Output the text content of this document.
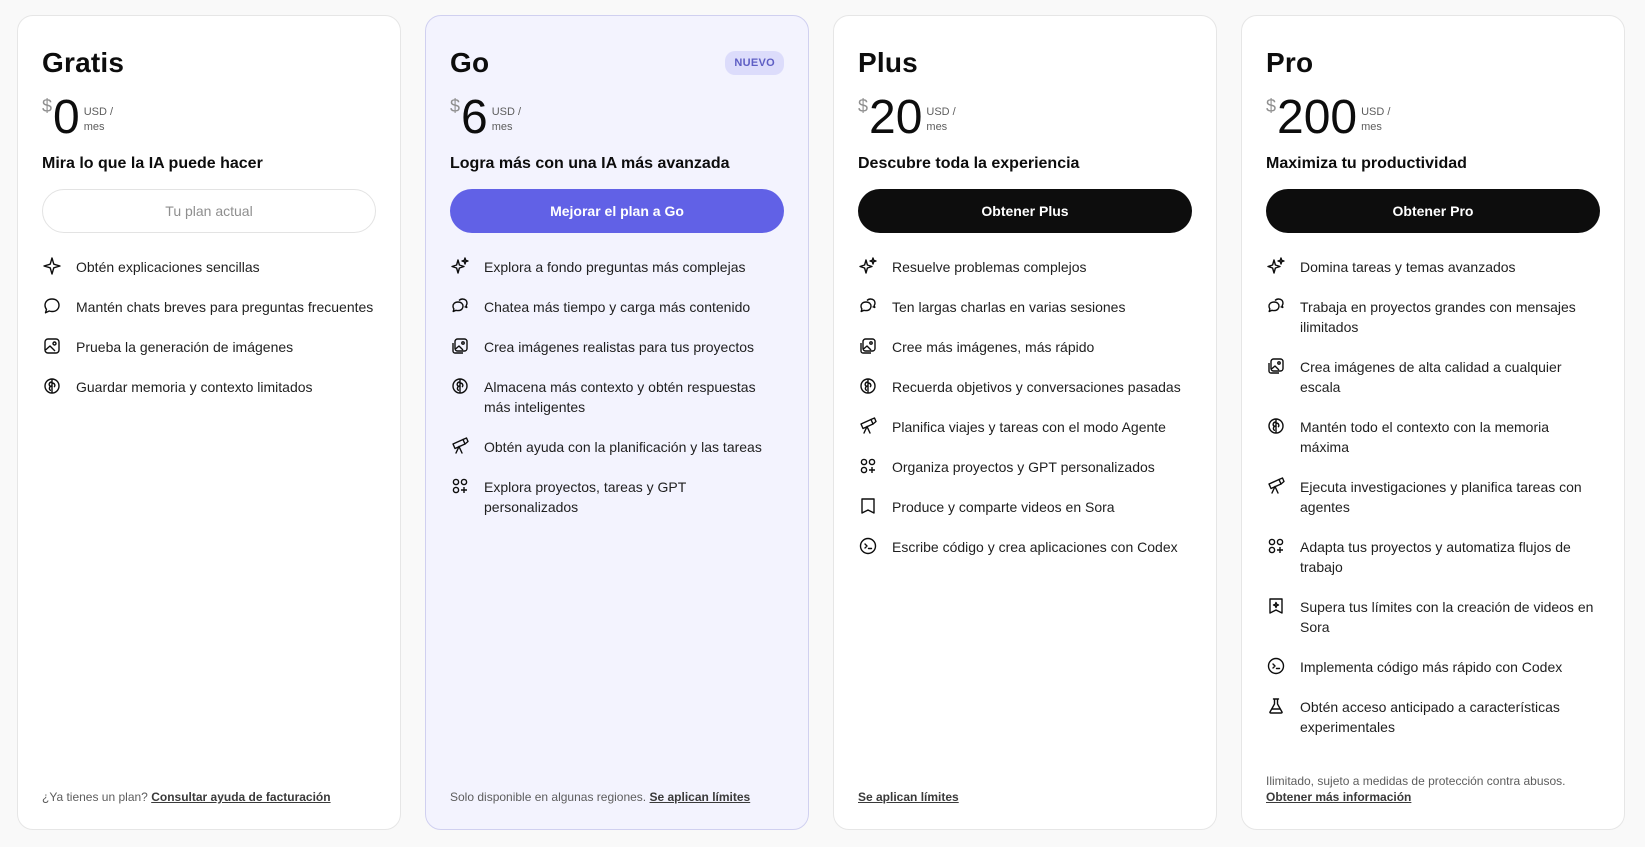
Gratis
$ 0 USD /
mes

Mira lo que la IA puede hacer

Tu plan actual
Obtén explicaciones sencillas
Mantén chats breves para preguntas frecuentes
Prueba la generación de imágenes
Guardar memoria y contexto limitados
¿Ya tienes un plan? Consultar ayuda de facturación
Go	NUEVO
$ 6 USD /
mes

Logra más con una IA más avanzada

Mejorar el plan a Go
Explora a fondo preguntas más complejas
Chatea más tiempo y carga más contenido
Crea imágenes realistas para tus proyectos
Almacena más contexto y obtén respuestas más inteligentes
Obtén ayuda con la planificación y las tareas
Explora proyectos, tareas y GPT personalizados
Solo disponible en algunas regiones. Se aplican límites
Plus
$ 20 USD /
mes

Descubre toda la experiencia

Obtener Plus
Resuelve problemas complejos
Ten largas charlas en varias sesiones
Cree más imágenes, más rápido
Recuerda objetivos y conversaciones pasadas
Planifica viajes y tareas con el modo Agente
Organiza proyectos y GPT personalizados
Produce y comparte videos en Sora
Escribe código y crea aplicaciones con Codex
Se aplican límites
Pro
$ 200 USD /
mes

Maximiza tu productividad

Obtener Pro
Domina tareas y temas avanzados
Trabaja en proyectos grandes con mensajes ilimitados
Crea imágenes de alta calidad a cualquier escala
Mantén todo el contexto con la memoria máxima
Ejecuta investigaciones y planifica tareas con agentes
Adapta tus proyectos y automatiza flujos de trabajo
Supera tus límites con la creación de videos en Sora
Implementa código más rápido con Codex
Obtén acceso anticipado a características experimentales
Ilimitado, sujeto a medidas de protección contra abusos.
Obtener más información
